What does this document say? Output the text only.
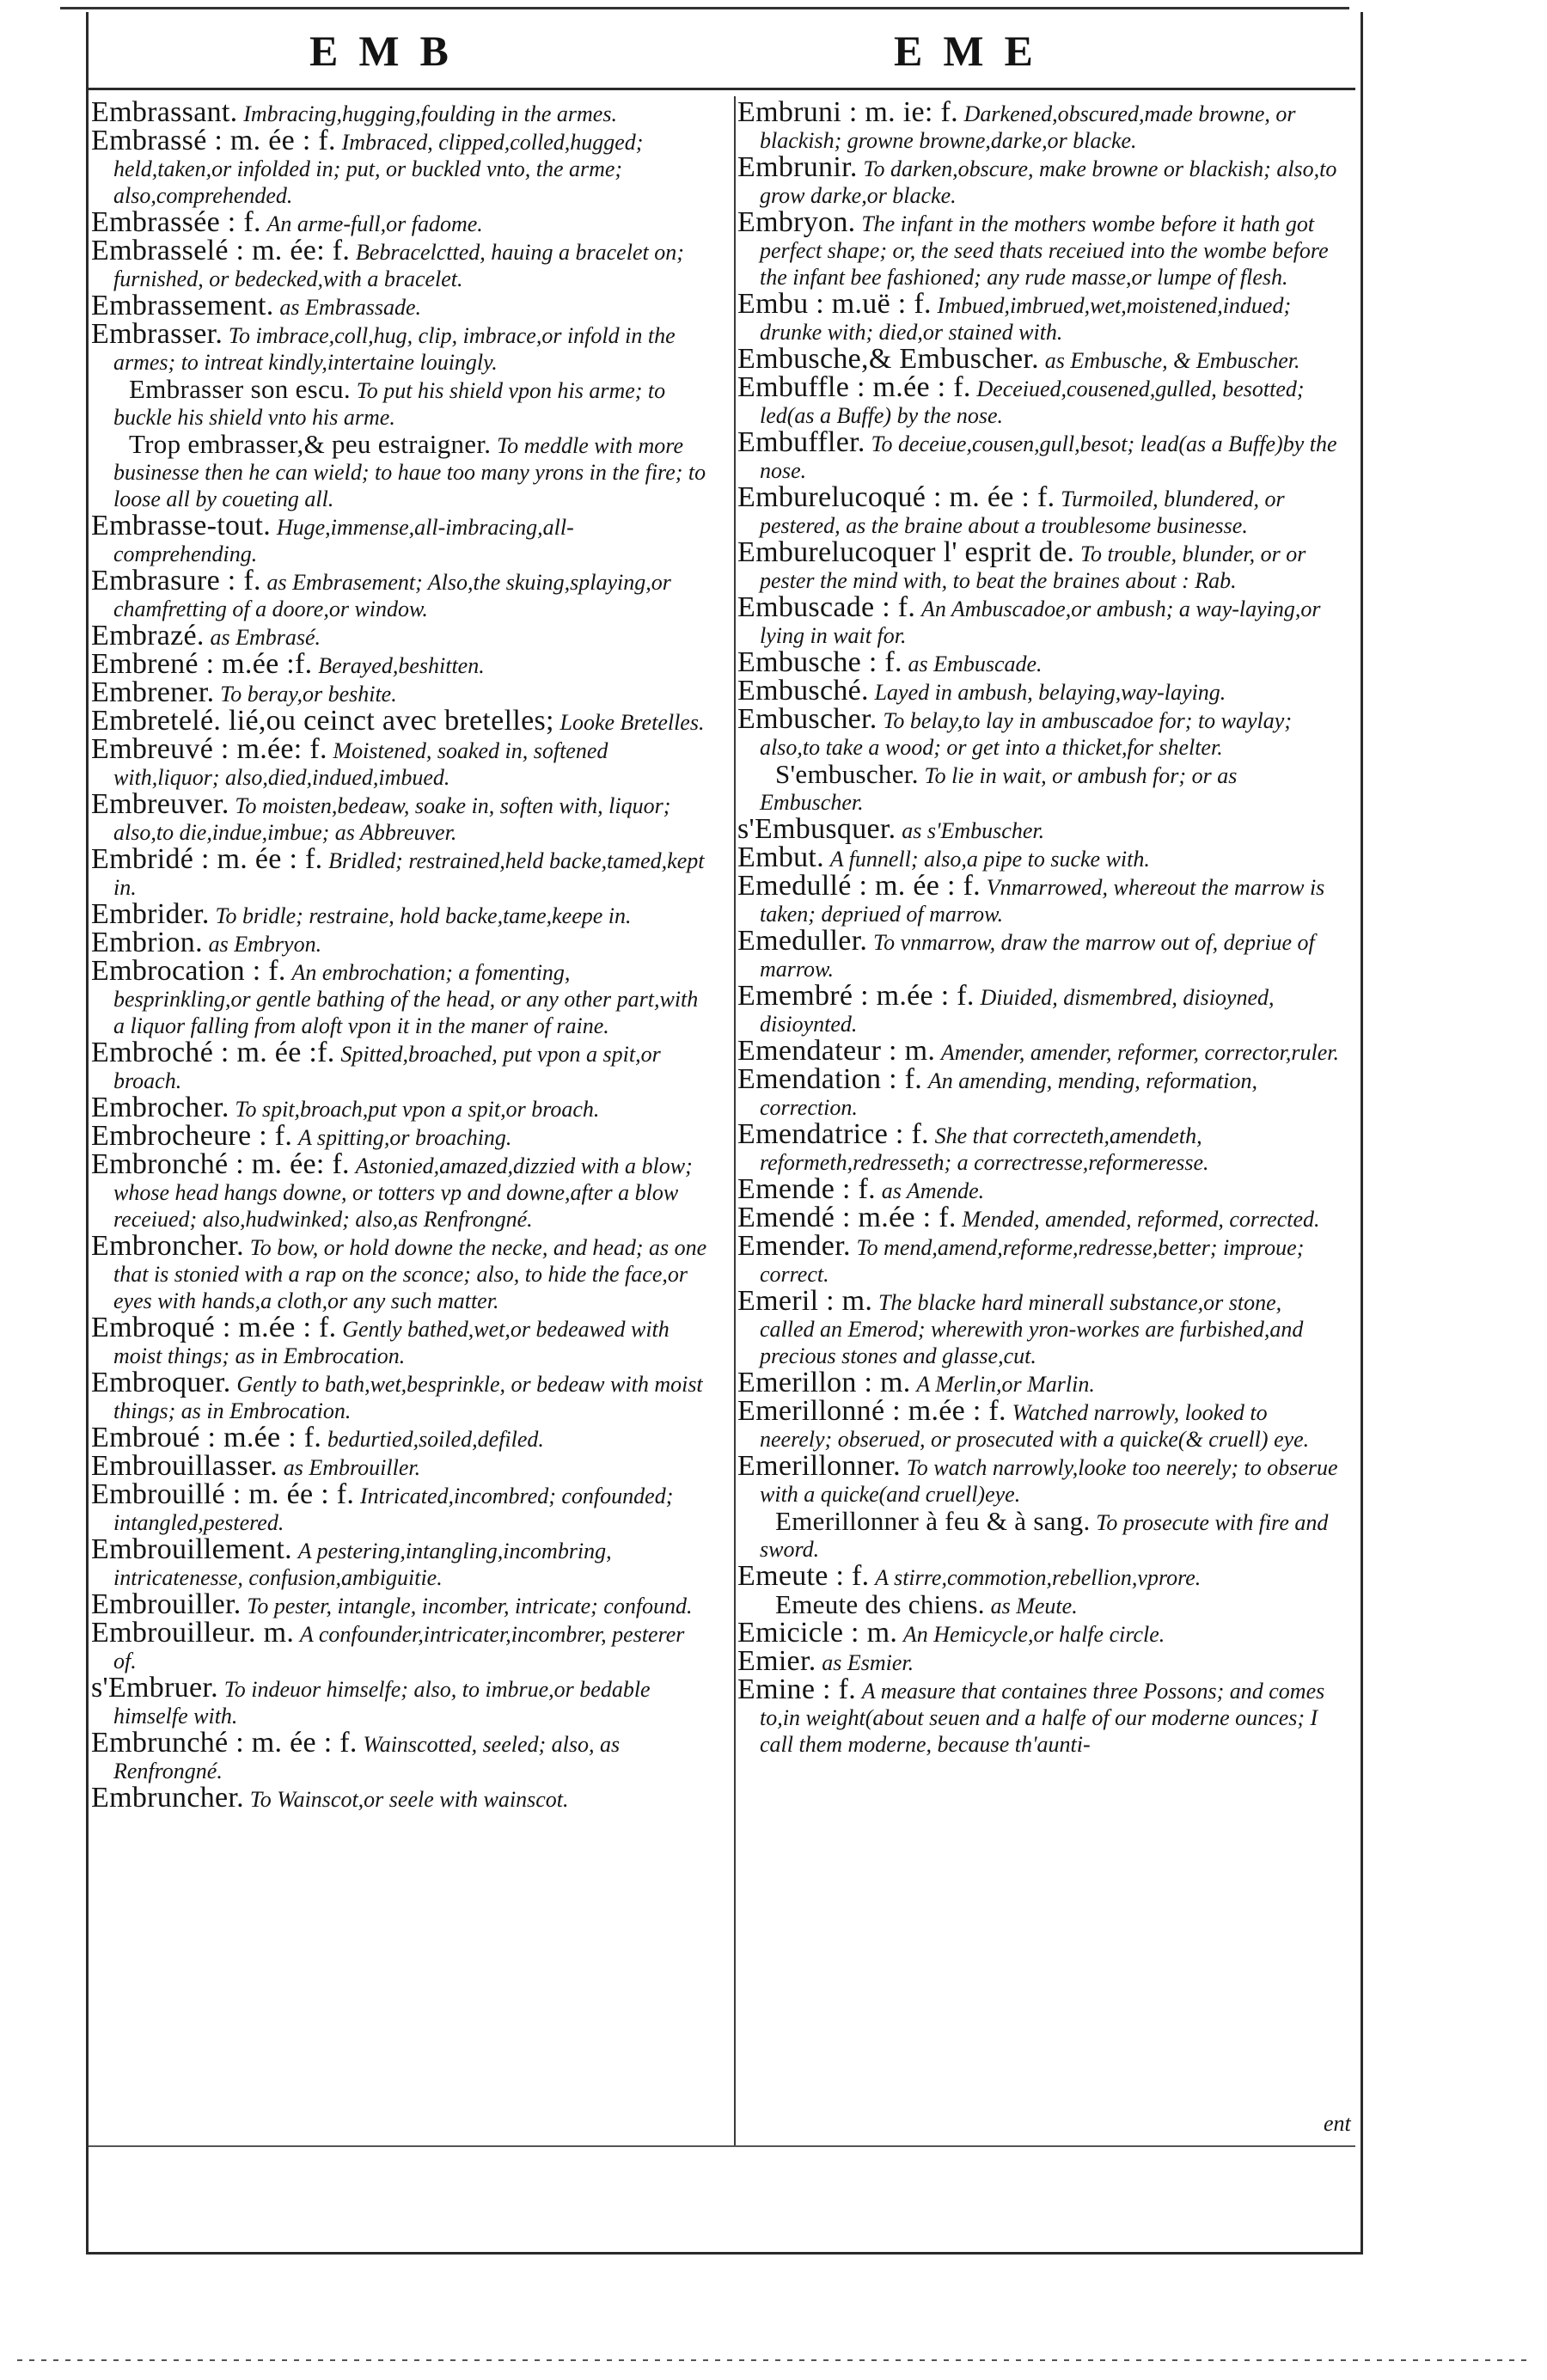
EMB	EME
Embrassant. Imbracing,hugging,foulding in the armes.
Embrassé : m. ée : f. Imbraced, clipped,colled,hugged; held,taken,or infolded in; put, or buckled vnto, the arme; also,comprehended.
Embrassée : f. An arme-full,or fadome.
Embrasselé : m. ée: f. Bebracelctted, hauing a bracelet on; furnished, or bedecked,with a bracelet.
Embrassement. as Embrassade.
Embrasser. To imbrace,coll,hug, clip, imbrace,or infold in the armes; to intreat kindly,intertaine louingly.
Embrasser son escu. To put his shield vpon his arme; to buckle his shield vnto his arme.
Trop embrasser,& peu estraigner. To meddle with more businesse then he can wield; to haue too many yrons in the fire; to loose all by coueting all.
Embrasse-tout. Huge,immense,all-imbracing,all-comprehending.
Embrasure : f. as Embrasement; Also,the skuing,splaying,or chamfretting of a doore,or window.
Embrazé. as Embrasé.
Embrené : m.ée :f. Berayed,beshitten.
Embrener. To beray,or beshite.
Embretelé. lié,ou ceinct avec bretelles; Looke Bretelles.
Embreuvé : m.ée: f. Moistened, soaked in, softened with,liquor; also,died,indued,imbued.
Embreuver. To moisten,bedeaw, soake in, soften with, liquor; also,to die,indue,imbue; as Abbreuver.
Embridé : m. ée : f. Bridled; restrained,held backe,tamed,kept in.
Embrider. To bridle; restraine, hold backe,tame,keepe in.
Embrion. as Embryon.
Embrocation : f. An embrochation; a fomenting, besprinkling,or gentle bathing of the head, or any other part,with a liquor falling from aloft vpon it in the maner of raine.
Embroché : m. ée :f. Spitted,broached, put vpon a spit,or broach.
Embrocher. To spit,broach,put vpon a spit,or broach.
Embrocheure : f. A spitting,or broaching.
Embronché : m. ée: f. Astonied,amazed,dizzied with a blow; whose head hangs downe, or totters vp and downe,after a blow receiued; also,hudwinked; also,as Renfrongné.
Embroncher. To bow, or hold downe the necke, and head; as one that is stonied with a rap on the sconce; also, to hide the face,or eyes with hands,a cloth,or any such matter.
Embroqué : m.ée : f. Gently bathed,wet,or bedeawed with moist things; as in Embrocation.
Embroquer. Gently to bath,wet,besprinkle, or bedeaw with moist things; as in Embrocation.
Embroué : m.ée : f. bedurtied,soiled,defiled.
Embrouillasser. as Embrouiller.
Embrouillé : m. ée : f. Intricated,incombred; confounded; intangled,pestered.
Embrouillement. A pestering,intangling,incombring, intricatenesse, confusion,ambiguitie.
Embrouiller. To pester, intangle, incomber, intricate; confound.
Embrouilleur. m. A confounder,intricater,incombrer, pesterer of.
s'Embruer. To indeuor himselfe; also, to imbrue,or bedable himselfe with.
Embrunché : m. ée : f. Wainscotted, seeled; also, as Renfrongné.
Embruncher. To Wainscot,or seele with wainscot.
Embruni : m. ie: f. Darkened,obscured,made browne, or blackish; growne browne,darke,or blacke.
Embrunir. To darken,obscure, make browne or blackish; also,to grow darke,or blacke.
Embryon. The infant in the mothers wombe before it hath got perfect shape; or, the seed thats receiued into the wombe before the infant bee fashioned; any rude masse,or lumpe of flesh.
Embu : m.uë : f. Imbued,imbrued,wet,moistened,indued; drunke with; died,or stained with.
Embusche,& Embuscher. as Embusche, & Embuscher.
Embuffle : m.ée : f. Deceiued,cousened,gulled, besotted; led(as a Buffe) by the nose.
Embuffler. To deceiue,cousen,gull,besot; lead(as a Buffe)by the nose.
Emburelucoqué : m. ée : f. Turmoiled, blundered, or pestered, as the braine about a troublesome businesse.
Emburelucoquer l' esprit de. To trouble, blunder, or or pester the mind with, to beat the braines about : Rab.
Embuscade : f. An Ambuscadoe,or ambush; a way-laying,or lying in wait for.
Embusche : f. as Embuscade.
Embusché. Layed in ambush, belaying,way-laying.
Embuscher. To belay,to lay in ambuscadoe for; to waylay; also,to take a wood; or get into a thicket,for shelter.
S'embuscher. To lie in wait, or ambush for; or as Embuscher.
s'Embusquer. as s'Embuscher.
Embut. A funnell; also,a pipe to sucke with.
Emedullé : m. ée : f. Vnmarrowed, whereout the marrow is taken; depriued of marrow.
Emeduller. To vnmarrow, draw the marrow out of, depriue of marrow.
Emembré : m.ée : f. Diuided, dismembred, disioyned, disioynted.
Emendateur : m. Amender, amender, reformer, corrector,ruler.
Emendation : f. An amending, mending, reformation, correction.
Emendatrice : f. She that correcteth,amendeth, reformeth,redresseth; a correctresse,reformeresse.
Emende : f. as Amende.
Emendé : m.ée : f. Mended, amended, reformed, corrected.
Emender. To mend,amend,reforme,redresse,better; improue; correct.
Emeril : m. The blacke hard minerall substance,or stone, called an Emerod; wherewith yron-workes are furbished,and precious stones and glasse,cut.
Emerillon : m. A Merlin,or Marlin.
Emerillonné : m.ée : f. Watched narrowly, looked to neerely; obserued, or prosecuted with a quicke(& cruell) eye.
Emerillonner. To watch narrowly,looke too neerely; to obserue with a quicke(and cruell)eye.
Emerillonner à feu & à sang. To prosecute with fire and sword.
Emeute : f. A stirre,commotion,rebellion,vprore.
Emeute des chiens. as Meute.
Emicicle : m. An Hemicycle,or halfe circle.
Emier. as Esmier.
Emine : f. A measure that containes three Possons; and comes to,in weight(about seuen and a halfe of our moderne ounces; I call them moderne, because th'aunti-
ent
